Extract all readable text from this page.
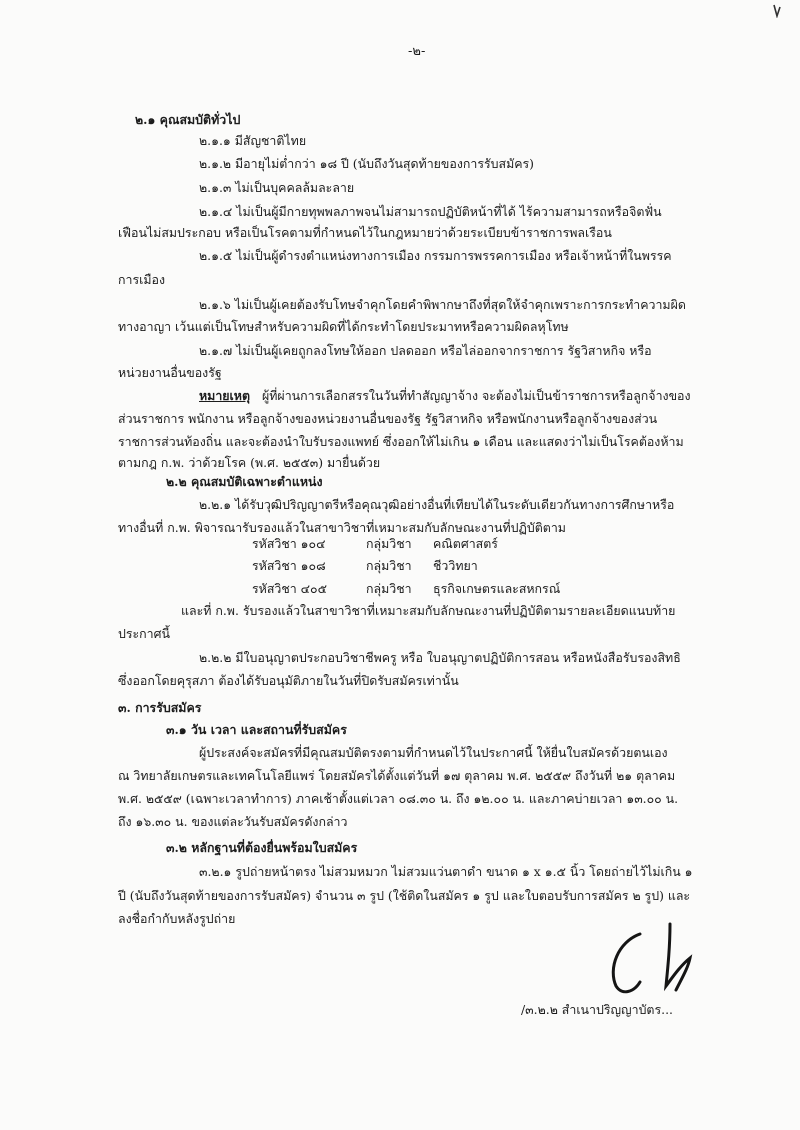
-๒-
๒.๑ คุณสมบัติทั่วไป
๒.๑.๑ มีสัญชาติไทย
๒.๑.๒ มีอายุไม่ต่ำกว่า ๑๘ ปี (นับถึงวันสุดท้ายของการรับสมัคร)
๒.๑.๓ ไม่เป็นบุคคลล้มละลาย
๒.๑.๔ ไม่เป็นผู้มีกายทุพพลภาพจนไม่สามารถปฏิบัติหน้าที่ได้ ไร้ความสามารถหรือจิตฟั่น
เฟือนไม่สมประกอบ หรือเป็นโรคตามที่กำหนดไว้ในกฎหมายว่าด้วยระเบียบข้าราชการพลเรือน
๒.๑.๕ ไม่เป็นผู้ดำรงตำแหน่งทางการเมือง กรรมการพรรคการเมือง หรือเจ้าหน้าที่ในพรรค
การเมือง
๒.๑.๖ ไม่เป็นผู้เคยต้องรับโทษจำคุกโดยคำพิพากษาถึงที่สุดให้จำคุกเพราะการกระทำความผิด
ทางอาญา เว้นแต่เป็นโทษสำหรับความผิดที่ได้กระทำโดยประมาทหรือความผิดลหุโทษ
๒.๑.๗ ไม่เป็นผู้เคยถูกลงโทษให้ออก ปลดออก หรือไล่ออกจากราชการ รัฐวิสาหกิจ หรือ
หน่วยงานอื่นของรัฐ
หมายเหตุ ผู้ที่ผ่านการเลือกสรรในวันที่ทำสัญญาจ้าง จะต้องไม่เป็นข้าราชการหรือลูกจ้างของ
ส่วนราชการ พนักงาน หรือลูกจ้างของหน่วยงานอื่นของรัฐ รัฐวิสาหกิจ หรือพนักงานหรือลูกจ้างของส่วน
ราชการส่วนท้องถิ่น และจะต้องนำใบรับรองแพทย์ ซึ่งออกให้ไม่เกิน ๑ เดือน และแสดงว่าไม่เป็นโรคต้องห้าม
ตามกฎ ก.พ. ว่าด้วยโรค (พ.ศ. ๒๕๕๓) มายื่นด้วย
๒.๒ คุณสมบัติเฉพาะตำแหน่ง
๒.๒.๑ ได้รับวุฒิปริญญาตรีหรือคุณวุฒิอย่างอื่นที่เทียบได้ในระดับเดียวกันทางการศึกษาหรือ
ทางอื่นที่ ก.พ. พิจารณารับรองแล้วในสาขาวิชาที่เหมาะสมกับลักษณะงานที่ปฏิบัติตาม
รหัสวิชา ๑๐๔	กลุ่มวิชา คณิตศาสตร์
รหัสวิชา ๑๐๘	กลุ่มวิชา ชีววิทยา
รหัสวิชา ๔๐๕	กลุ่มวิชา ธุรกิจเกษตรและสหกรณ์
และที่ ก.พ. รับรองแล้วในสาขาวิชาที่เหมาะสมกับลักษณะงานที่ปฏิบัติตามรายละเอียดแนบท้าย
ประกาศนี้
๒.๒.๒ มีใบอนุญาตประกอบวิชาชีพครู หรือ ใบอนุญาตปฏิบัติการสอน หรือหนังสือรับรองสิทธิ
ซึ่งออกโดยคุรุสภา ต้องได้รับอนุมัติภายในวันที่ปิดรับสมัครเท่านั้น
๓. การรับสมัคร
๓.๑ วัน เวลา และสถานที่รับสมัคร
ผู้ประสงค์จะสมัครที่มีคุณสมบัติตรงตามที่กำหนดไว้ในประกาศนี้ ให้ยื่นใบสมัครด้วยตนเอง
ณ วิทยาลัยเกษตรและเทคโนโลยีแพร่ โดยสมัครได้ตั้งแต่วันที่ ๑๗ ตุลาคม พ.ศ. ๒๕๕๙ ถึงวันที่ ๒๑ ตุลาคม
พ.ศ. ๒๕๕๙ (เฉพาะเวลาทำการ) ภาคเช้าตั้งแต่เวลา ๐๘.๓๐ น. ถึง ๑๒.๐๐ น. และภาคบ่ายเวลา ๑๓.๐๐ น.
ถึง ๑๖.๓๐ น. ของแต่ละวันรับสมัครดังกล่าว
๓.๒ หลักฐานที่ต้องยื่นพร้อมใบสมัคร
๓.๒.๑ รูปถ่ายหน้าตรง ไม่สวมหมวก ไม่สวมแว่นตาดำ ขนาด ๑ x ๑.๕ นิ้ว โดยถ่ายไว้ไม่เกิน ๑
ปี (นับถึงวันสุดท้ายของการรับสมัคร) จำนวน ๓ รูป (ใช้ติดในสมัคร ๑ รูป และใบตอบรับการสมัคร ๒ รูป) และ
ลงชื่อกำกับหลังรูปถ่าย
/๓.๒.๒ สำเนาปริญญาบัตร...
